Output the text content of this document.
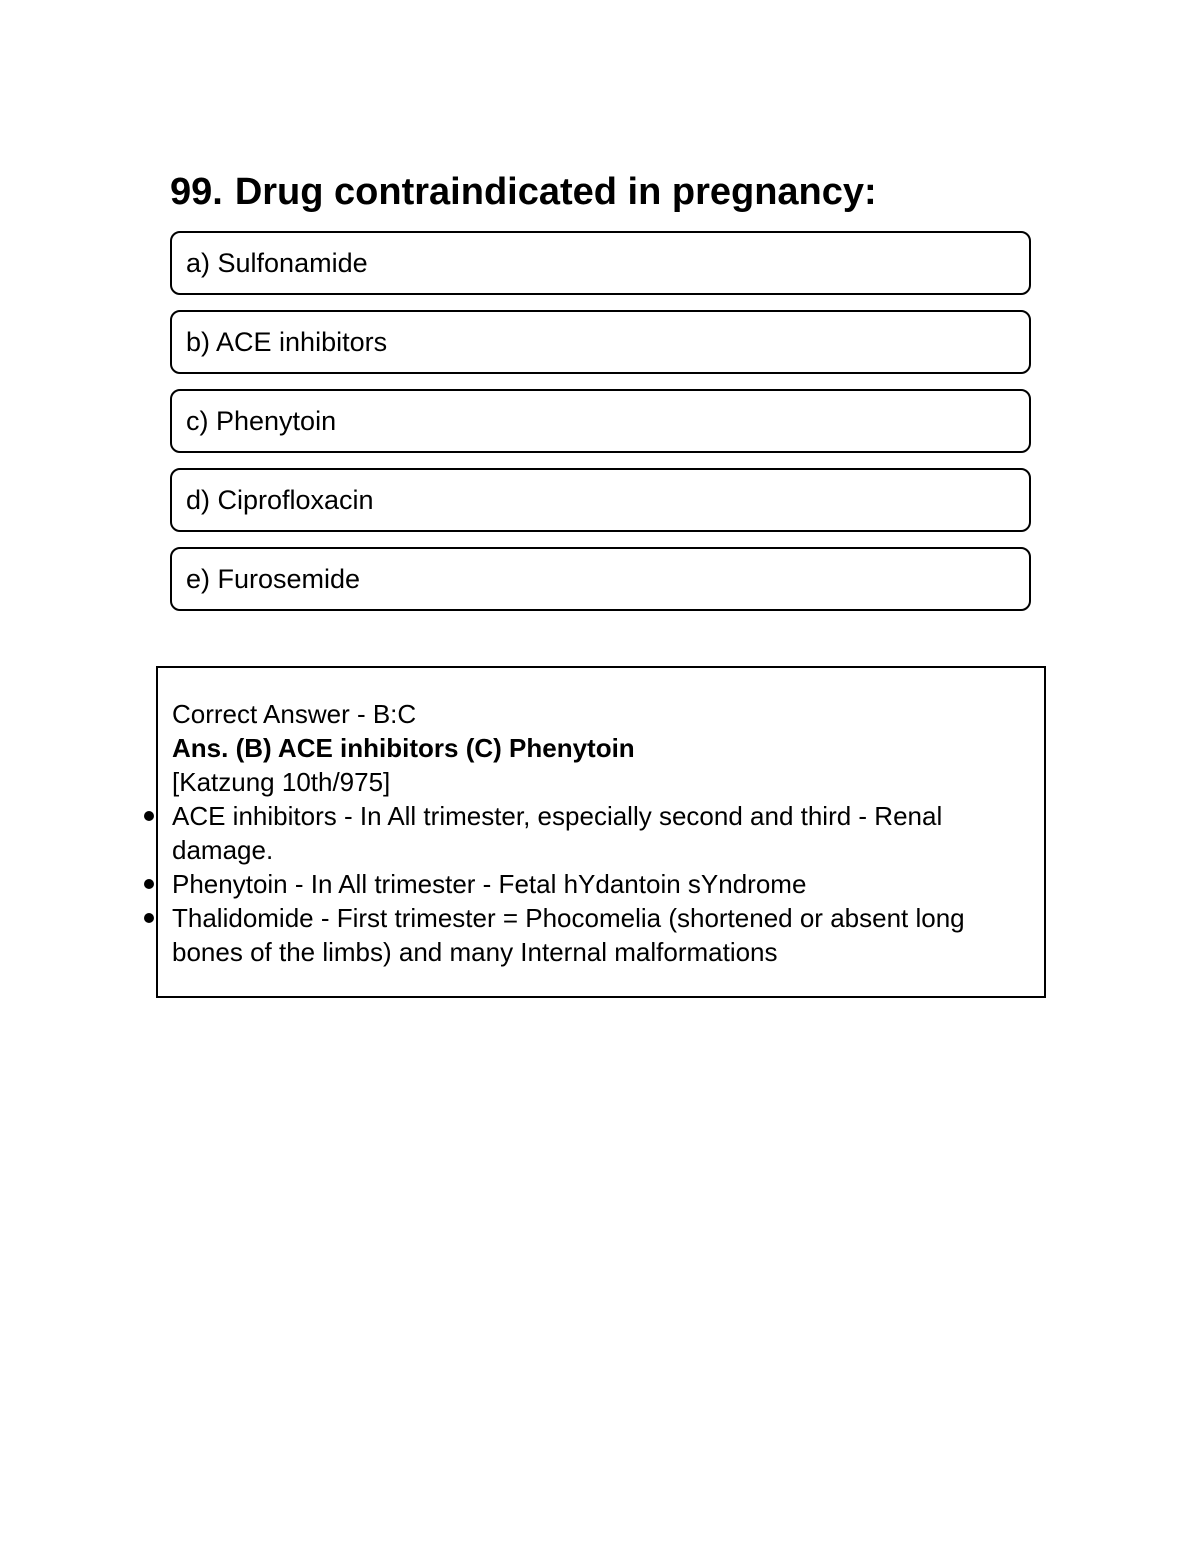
99. Drug contraindicated in pregnancy:
a) Sulfonamide
b) ACE inhibitors
c) Phenytoin
d) Ciprofloxacin
e) Furosemide

Correct Answer - B:C

Ans. (B) ACE inhibitors (C) Phenytoin

[Katzung 10th/975]

ACE inhibitors - In All trimester, especially second and third - Renal damage.
Phenytoin - In All trimester - Fetal hYdantoin sYndrome
Thalidomide - First trimester = Phocomelia (shortened or absent long bones of the limbs) and many Internal malformations
